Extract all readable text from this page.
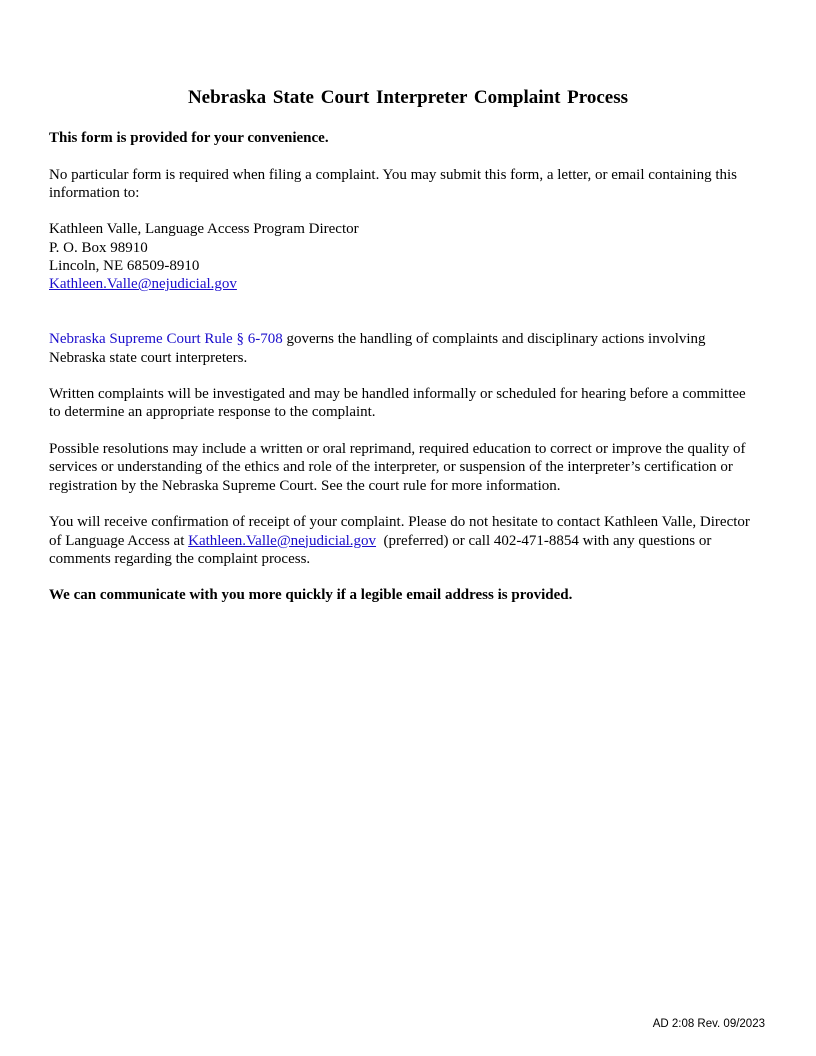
Nebraska State Court Interpreter Complaint Process

This form is provided for your convenience.

No particular form is required when filing a complaint. You may submit this form, a letter, or email containing this information to:

Kathleen Valle, Language Access Program Director
P. O. Box 98910
Lincoln, NE 68509-8910
Kathleen.Valle@nejudicial.gov

Nebraska Supreme Court Rule § 6-708 governs the handling of complaints and disciplinary actions involving Nebraska state court interpreters.

Written complaints will be investigated and may be handled informally or scheduled for hearing before a committee to determine an appropriate response to the complaint.

Possible resolutions may include a written or oral reprimand, required education to correct or improve the quality of services or understanding of the ethics and role of the interpreter, or suspension of the interpreter’s certification or registration by the Nebraska Supreme Court. See the court rule for more information.

You will receive confirmation of receipt of your complaint. Please do not hesitate to contact Kathleen Valle, Director of Language Access at Kathleen.Valle@nejudicial.gov  (preferred) or call 402-471-8854 with any questions or comments regarding the complaint process.

We can communicate with you more quickly if a legible email address is provided.

AD 2:08 Rev. 09/2023
